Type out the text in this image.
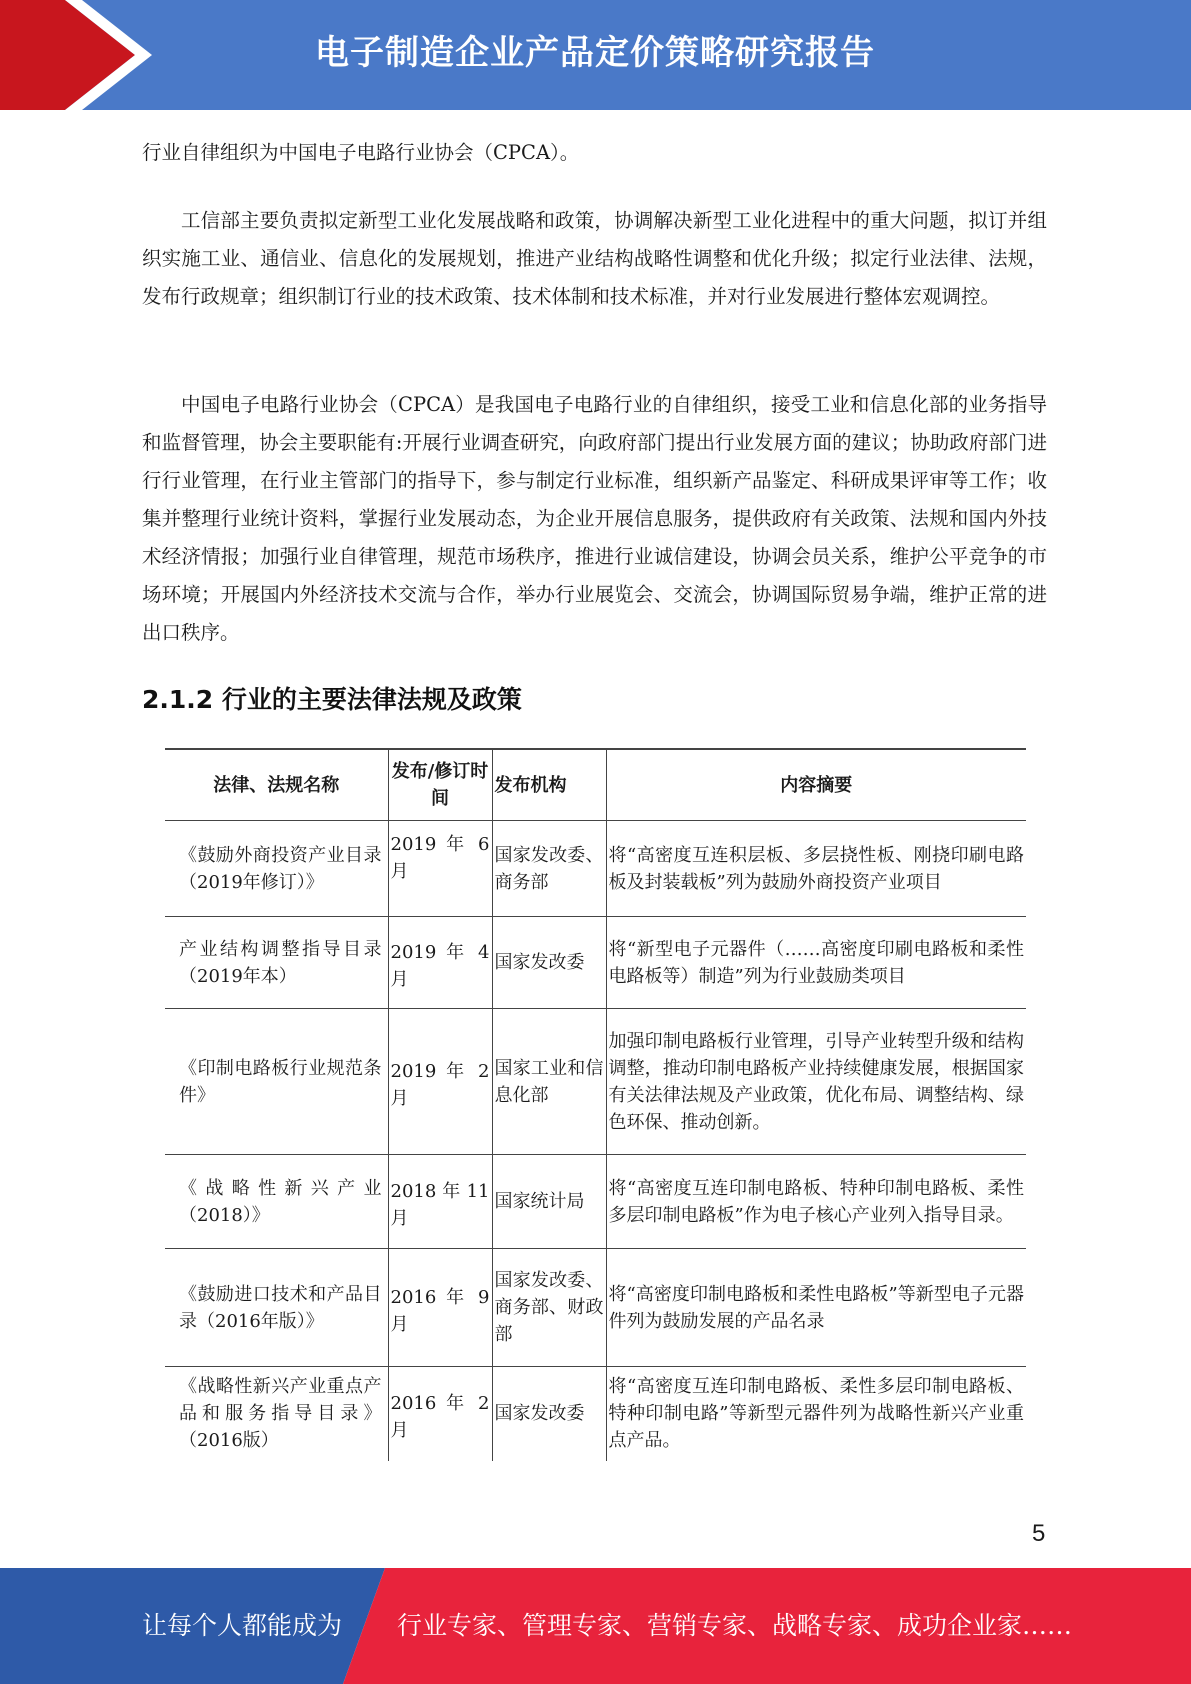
电子制造企业产品定价策略研究报告

行业自律组织为中国电子电路行业协会（CPCA）。

工信部主要负责拟定新型工业化发展战略和政策，协调解决新型工业化进程中的重大问题，拟订并组织实施工业、通信业、信息化的发展规划，推进产业结构战略性调整和优化升级；拟定行业法律、法规，发布行政规章；组织制订行业的技术政策、技术体制和技术标准，并对行业发展进行整体宏观调控。

中国电子电路行业协会（CPCA）是我国电子电路行业的自律组织，接受工业和信息化部的业务指导和监督管理，协会主要职能有:开展行业调查研究，向政府部门提出行业发展方面的建议；协助政府部门进行行业管理，在行业主管部门的指导下，参与制定行业标准，组织新产品鉴定、科研成果评审等工作；收集并整理行业统计资料，掌握行业发展动态，为企业开展信息服务，提供政府有关政策、法规和国内外技术经济情报；加强行业自律管理，规范市场秩序，推进行业诚信建设，协调会员关系，维护公平竞争的市场环境；开展国内外经济技术交流与合作，举办行业展览会、交流会，协调国际贸易争端，维护正常的进出口秩序。

2.1.2 行业的主要法律法规及政策
法律、法规名称	发布/修订时间	发布机构	内容摘要
《鼓励外商投资产业目录（2019年修订）》	2019 年 6 月	国家发改委、商务部	将“高密度互连积层板、多层挠性板、刚挠印刷电路板及封装载板”列为鼓励外商投资产业项目
产业结构调整指导目录（2019年本）	2019 年 4 月	国家发改委	将“新型电子元器件（……高密度印刷电路板和柔性电路板等）制造”列为行业鼓励类项目
《印制电路板行业规范条件》	2019 年 2 月	国家工业和信息化部	加强印制电路板行业管理，引导产业转型升级和结构调整，推动印制电路板产业持续健康发展，根据国家有关法律法规及产业政策，优化布局、调整结构、绿色环保、推动创新。
《战略性新兴产业（2018）》	2018 年 11 月	国家统计局	将“高密度互连印制电路板、特种印制电路板、柔性多层印制电路板”作为电子核心产业列入指导目录。
《鼓励进口技术和产品目录（2016年版）》	2016 年 9 月	国家发改委、商务部、财政部	将“高密度印制电路板和柔性电路板”等新型电子元器件列为鼓励发展的产品名录
《战略性新兴产业重点产品和服务指导目录》（2016版）	2016 年 2 月	国家发改委	将“高密度互连印制电路板、柔性多层印制电路板、特种印制电路”等新型元器件列为战略性新兴产业重点产品。
5
让每个人都能成为 行业专家、管理专家、营销专家、战略专家、成功企业家……
